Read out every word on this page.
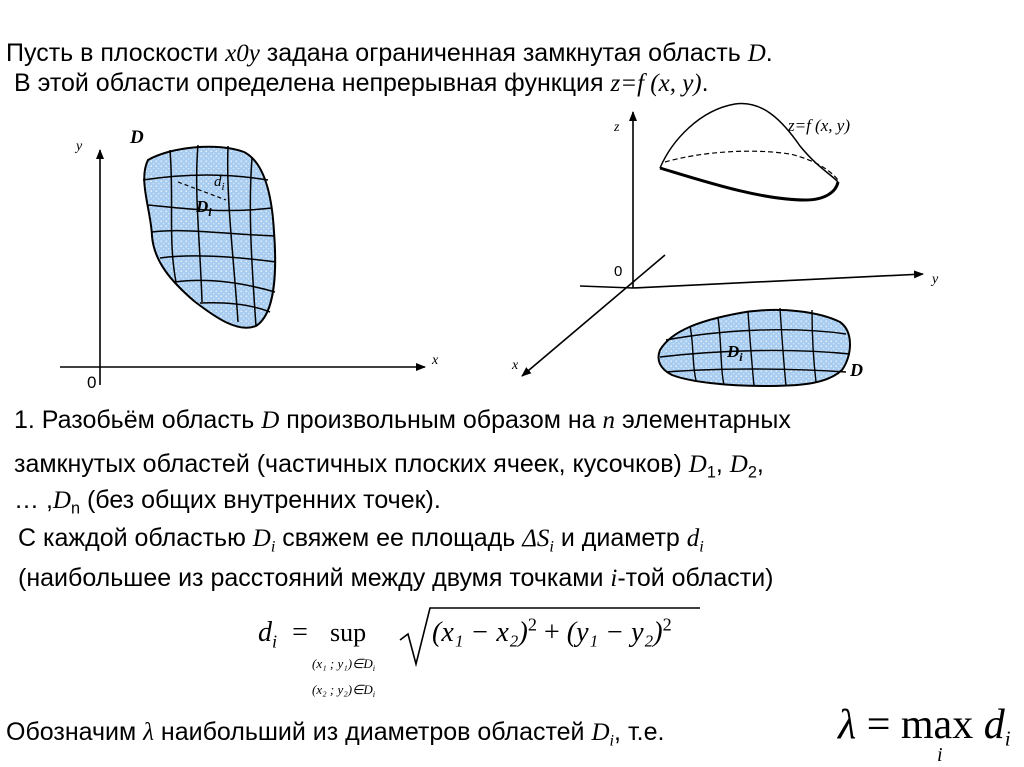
Пусть в плоскости x0y задана ограниченная замкнутая область D.
В этой области определена непрерывная функция z=f (x, y).
y
x
0
D
$d_i$
$D_i$
z
y
x
0
z=f (x, y)
$D_i$
D
1. Разобьём область D произвольным образом на n элементарных
замкнутых областей (частичных плоских ячеек, кусочков) $D_1$, $D_2$,
… $,D_n$ (без общих внутренних точек).
С каждой областью $D_i$ свяжем ее площадь $\Delta S_i$ и диаметр $d_i$
(наибольшее из расстояний между двумя точками i-той области)
$d_i$ = sup
(x₁ ; $y_1)\in D_i$
(x₂ ; $y_2)\in D_i$
$(x_1 - x_2)^2 + (y_1 - y_2)^2$
Обозначим λ наибольший из диаметров областей $D_i$, т.е.	$\lambda = \max d_i$
i
